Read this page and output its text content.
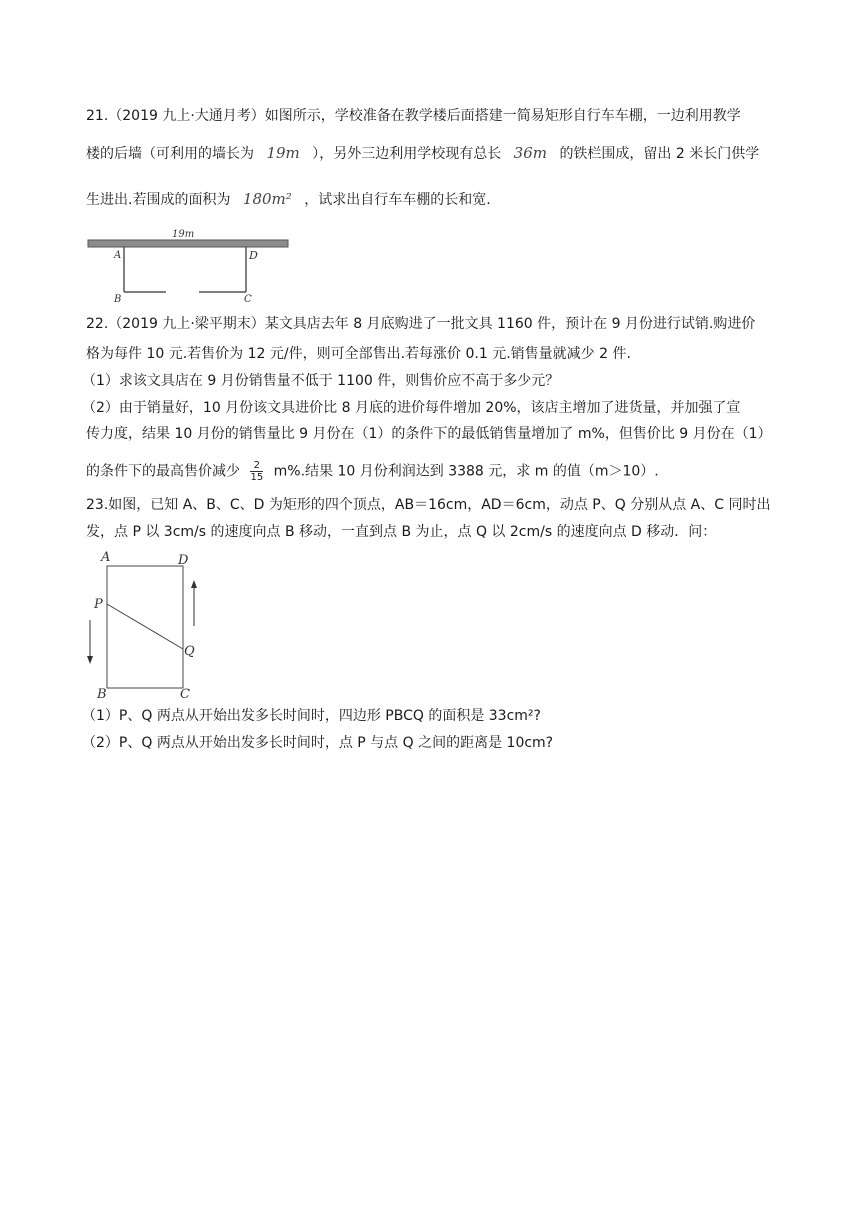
21.（2019 九上·大通月考）如图所示，学校准备在教学楼后面搭建一简易矩形自行车车棚，一边利用教学
楼的后墙（可利用的墙长为 19m ），另外三边利用学校现有总长 36m 的铁栏围成，留出 2 米长门供学
生进出.若围成的面积为 180m² ，试求出自行车车棚的长和宽.
19m
A	D
B	C
22.（2019 九上·梁平期末）某文具店去年 8 月底购进了一批文具 1160 件，预计在 9 月份进行试销.购进价
格为每件 10 元.若售价为 12 元/件，则可全部售出.若每涨价 0.1 元.销售量就减少 2 件.
（1）求该文具店在 9 月份销售量不低于 1100 件，则售价应不高于多少元？
（2）由于销量好，10 月份该文具进价比 8 月底的进价每件增加 20%，该店主增加了进货量，并加强了宣
传力度，结果 10 月份的销售量比 9 月份在（1）的条件下的最低销售量增加了 m%，但售价比 9 月份在（1）
的条件下的最高售价减少 $\frac{2}{15} m\%$.结果 10 月份利润达到 3388 元，求 m 的值（m＞10）.
23.如图，已知 A、B、C、D 为矩形的四个顶点，AB＝16cm，AD＝6cm，动点 P、Q 分别从点 A、C 同时出
发，点 P 以 3cm/s 的速度向点 B 移动，一直到点 B 为止，点 Q 以 2cm/s 的速度向点 D 移动．问：
A	D
P
Q
B	C
（1）P、Q 两点从开始出发多长时间时，四边形 PBCQ 的面积是 33cm²?
（2）P、Q 两点从开始出发多长时间时，点 P 与点 Q 之间的距离是 10cm?
